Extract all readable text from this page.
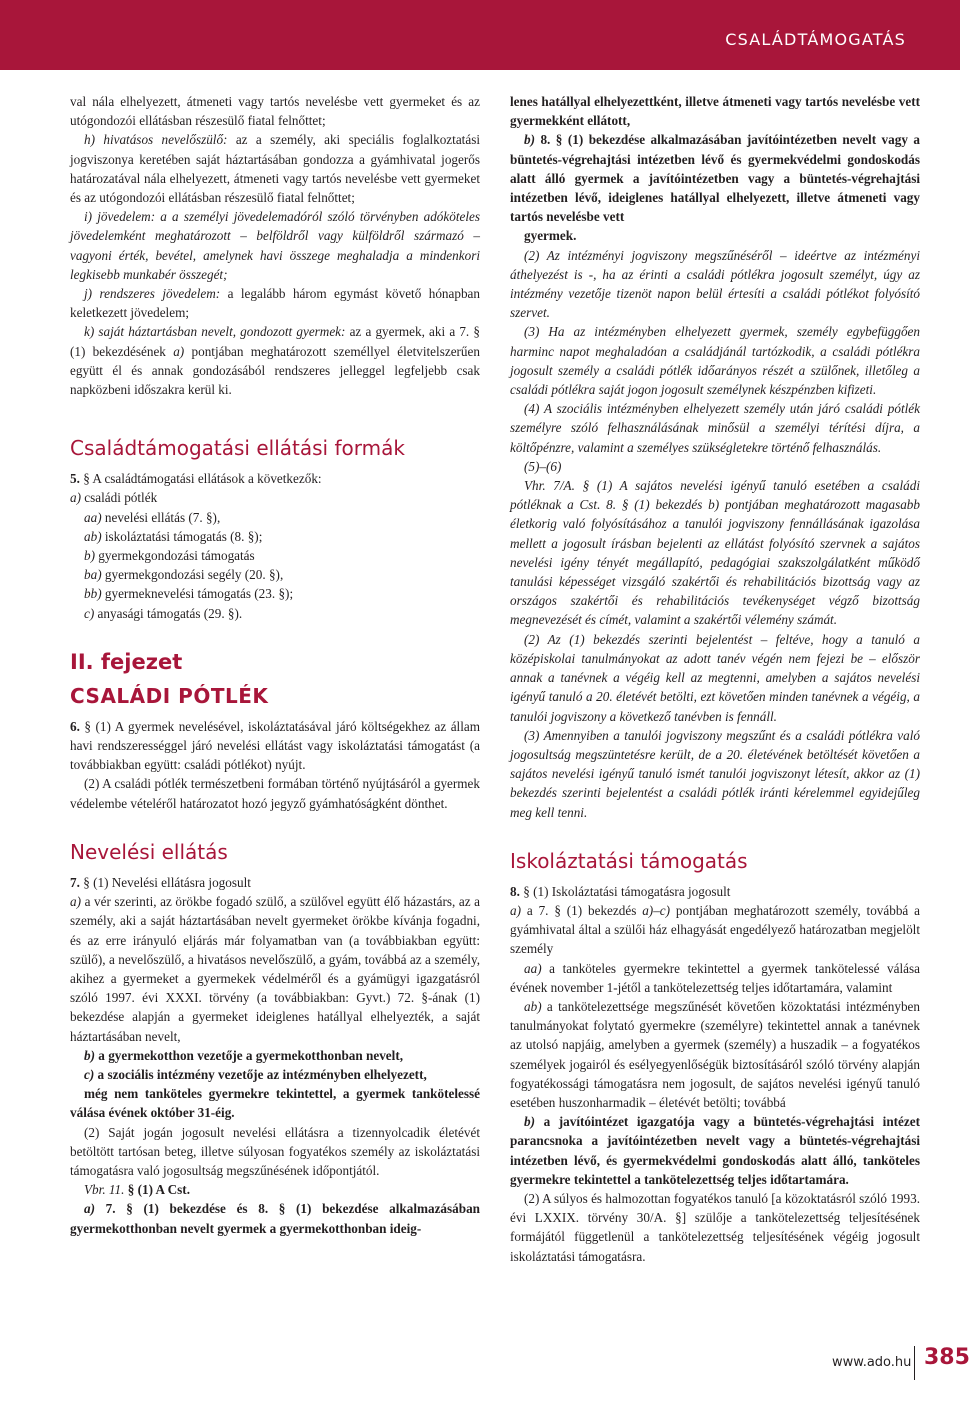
CSALÁDTÁMOGATÁS

val nála elhelyezett, átmeneti vagy tartós nevelésbe vett gyermeket és az utógondozói ellátásban részesülő fiatal felnőttet;

h) hivatásos nevelőszülő: az a személy, aki speciális foglalkoztatási jogviszonya keretében saját háztartásában gondozza a gyámhivatal jogerős határozatával nála elhelyezett, átmeneti vagy tartós nevelésbe vett gyermeket és az utógondozói ellátásban részesülő fiatal felnőttet;

i) jövedelem: a a személyi jövedelemadóról szóló törvényben adóköteles jövedelemként meghatározott – belföldről vagy külföldről származó – vagyoni érték, bevétel, amelynek havi összege meghaladja a mindenkori legkisebb munkabér összegét;

j) rendszeres jövedelem: a legalább három egymást követő hónapban keletkezett jövedelem;

k) saját háztartásban nevelt, gondozott gyermek: az a gyermek, aki a 7. § (1) bekezdésének a) pontjában meghatározott személlyel életvitelszerűen együtt él és annak gondozásából rendszeres jelleggel legfeljebb csak napközbeni időszakra kerül ki.

Családtámogatási ellátási formák

5. § A családtámogatási ellátások a következők:

a) családi pótlék

aa) nevelési ellátás (7. §),

ab) iskoláztatási támogatás (8. §);

b) gyermekgondozási támogatás

ba) gyermekgondozási segély (20. §),

bb) gyermeknevelési támogatás (23. §);

c) anyasági támogatás (29. §).

II. fejezet
CSALÁDI PÓTLÉK

6. § (1) A gyermek nevelésével, iskoláztatásával járó költségekhez az állam havi rendszerességgel járó nevelési ellátást vagy iskoláztatási támogatást (a továbbiakban együtt: családi pótlékot) nyújt.

(2) A családi pótlék természetbeni formában történő nyújtásáról a gyermek védelembe vételéről határozatot hozó jegyző gyámhatóságként dönthet.

Nevelési ellátás

7. § (1) Nevelési ellátásra jogosult

a) a vér szerinti, az örökbe fogadó szülő, a szülővel együtt élő házastárs, az a személy, aki a saját háztartásában nevelt gyermeket örökbe kívánja fogadni, és az erre irányuló eljárás már folyamatban van (a továbbiakban együtt: szülő), a nevelőszülő, a hivatásos nevelőszülő, a gyám, továbbá az a személy, akihez a gyermeket a gyermekek védelméről és a gyámügyi igazgatásról szóló 1997. évi XXXI. törvény (a továbbiakban: Gyvt.) 72. §-ának (1) bekezdése alapján a gyermeket ideiglenes hatállyal elhelyezték, a saját háztartásában nevelt,

b) a gyermekotthon vezetője a gyermekotthonban nevelt,

c) a szociális intézmény vezetője az intézményben elhelyezett,

még nem tanköteles gyermekre tekintettel, a gyermek tankötelessé válása évének október 31-éig.

(2) Saját jogán jogosult nevelési ellátásra a tizennyolcadik életévét betöltött tartósan beteg, illetve súlyosan fogyatékos személy az iskoláztatási támogatásra való jogosultság megszűnésének időpontjától.

Vbr. 11. § (1) A Cst.

a) 7. § (1) bekezdése és 8. § (1) bekezdése alkalmazásában gyermekotthonban nevelt gyermek a gyermekotthonban ideig-

lenes hatállyal elhelyezettként, illetve átmeneti vagy tartós nevelésbe vett gyermekként ellátott,

b) 8. § (1) bekezdése alkalmazásában javítóintézetben nevelt vagy a büntetés-végrehajtási intézetben lévő és gyermekvédelmi gondoskodás alatt álló gyermek a javítóintézetben vagy a büntetés-végrehajtási intézetben lévő, ideiglenes hatállyal elhelyezett, illetve átmeneti vagy tartós nevelésbe vett

gyermek.

(2) Az intézményi jogviszony megszűnéséről – ideértve az intézményi áthelyezést is -, ha az érinti a családi pótlékra jogosult személyt, úgy az intézmény vezetője tizenöt napon belül értesíti a családi pótlékot folyósító szervet.

(3) Ha az intézményben elhelyezett gyermek, személy egybefüggően harminc napot meghaladóan a családjánál tartózkodik, a családi pótlékra jogosult személy a családi pótlék időarányos részét a szülőnek, illetőleg a családi pótlékra saját jogon jogosult személynek készpénzben kifizeti.

(4) A szociális intézményben elhelyezett személy után járó családi pótlék személyre szóló felhasználásának minősül a személyi térítési díjra, a költőpénzre, valamint a személyes szükségletekre történő felhasználás.

(5)–(6)

Vhr. 7/A. § (1) A sajátos nevelési igényű tanuló esetében a családi pótléknak a Cst. 8. § (1) bekezdés b) pontjában meghatározott magasabb életkorig való folyósításához a tanulói jogviszony fennállásának igazolása mellett a jogosult írásban bejelenti az ellátást folyósító szervnek a sajátos nevelési igény tényét megállapító, pedagógiai szakszolgálatként működő tanulási képességet vizsgáló szakértői és rehabilitációs bizottság vagy az országos szakértői és rehabilitációs tevékenységet végző bizottság megnevezését és címét, valamint a szakértői vélemény számát.

(2) Az (1) bekezdés szerinti bejelentést – feltéve, hogy a tanuló a középiskolai tanulmányokat az adott tanév végén nem fejezi be – először annak a tanévnek a végéig kell az megtenni, amelyben a sajátos nevelési igényű tanuló a 20. életévét betölti, ezt követően minden tanévnek a végéig, a tanulói jogviszony a következő tanévben is fennáll.

(3) Amennyiben a tanulói jogviszony megszűnt és a családi pótlékra való jogosultság megszüntetésre került, de a 20. életévének betöltését követően a sajátos nevelési igényű tanuló ismét tanulói jogviszonyt létesít, akkor az (1) bekezdés szerinti bejelentést a családi pótlék iránti kérelemmel egyidejűleg meg kell tenni.

Iskoláztatási támogatás

8. § (1) Iskoláztatási támogatásra jogosult

a) a 7. § (1) bekezdés a)–c) pontjában meghatározott személy, továbbá a gyámhivatal által a szülői ház elhagyását engedélyező határozatban megjelölt személy

aa) a tanköteles gyermekre tekintettel a gyermek tankötelessé válása évének november 1-jétől a tankötelezettség teljes időtartamára, valamint

ab) a tankötelezettsége megszűnését követően közoktatási intézményben tanulmányokat folytató gyermekre (személyre) tekintettel annak a tanévnek az utolsó napjáig, amelyben a gyermek (személy) a huszadik – a fogyatékos személyek jogairól és esélyegyenlőségük biztosításáról szóló törvény alapján fogyatékossági támogatásra nem jogosult, de sajátos nevelési igényű tanuló esetében huszonharmadik – életévét betölti; továbbá

b) a javítóintézet igazgatója vagy a büntetés-végrehajtási intézet parancsnoka a javítóintézetben nevelt vagy a büntetés-végrehajtási intézetben lévő, és gyermekvédelmi gondoskodás alatt álló, tanköteles gyermekre tekintettel a tankötelezettség teljes időtartamára.

(2) A súlyos és halmozottan fogyatékos tanuló [a közoktatásról szóló 1993. évi LXXIX. törvény 30/A. §] szülője a tankötelezettség teljesítésének formájától függetlenül a tankötelezettség teljesítésének végéig jogosult iskoláztatási támogatásra.

www.ado.hu 385
